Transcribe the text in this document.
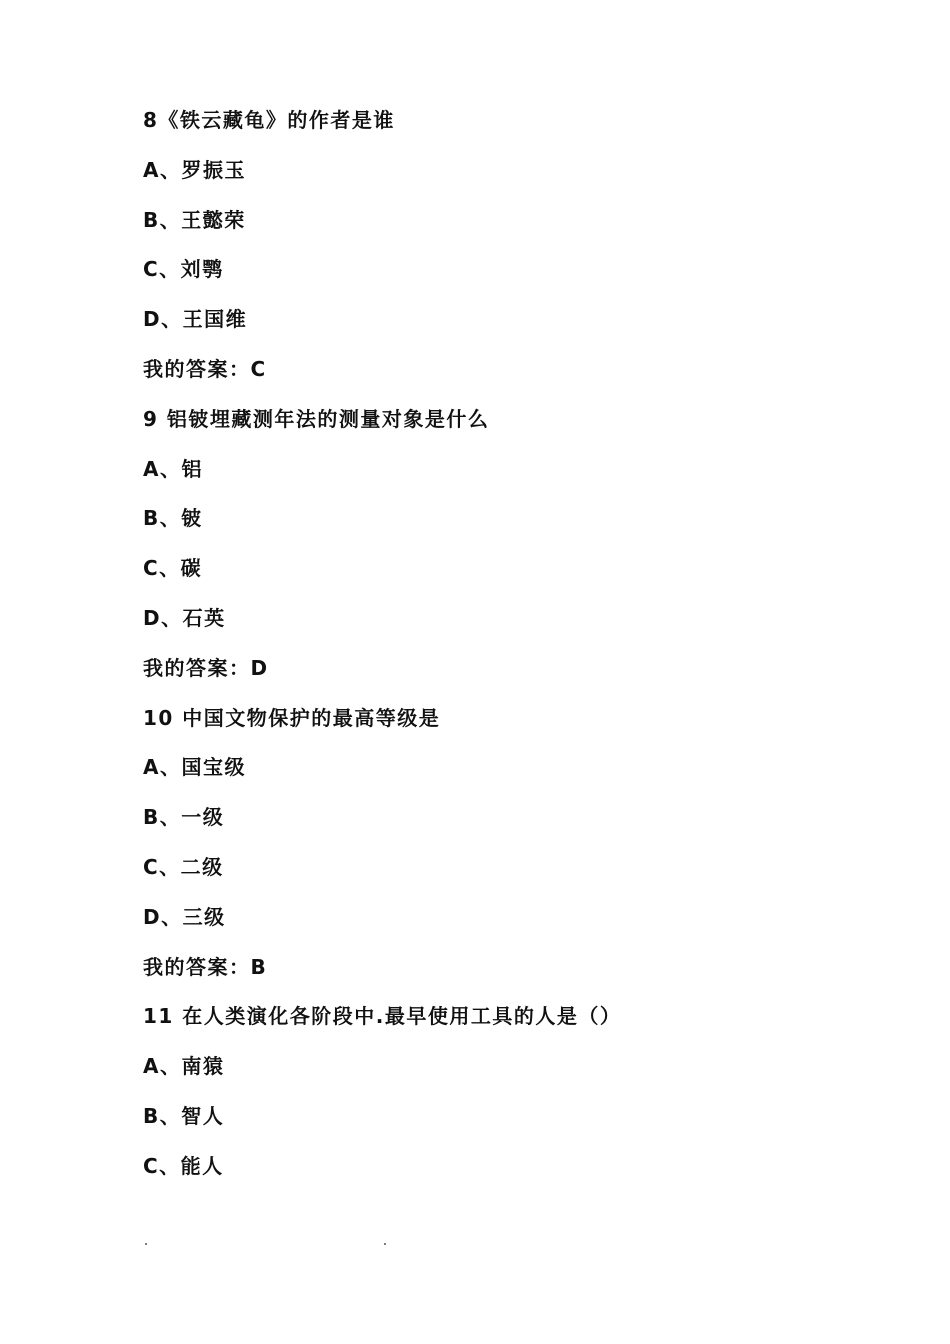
8《铁云藏龟》的作者是谁
A、罗振玉
B、王懿荣
C、刘鹗
D、王国维
我的答案：C
9 铝铍埋藏测年法的测量对象是什么
A、铝
B、铍
C、碳
D、石英
我的答案：D
10 中国文物保护的最高等级是
A、国宝级
B、一级
C、二级
D、三级
我的答案：B
11 在人类演化各阶段中.最早使用工具的人是（）
A、南猿
B、智人
C、能人
